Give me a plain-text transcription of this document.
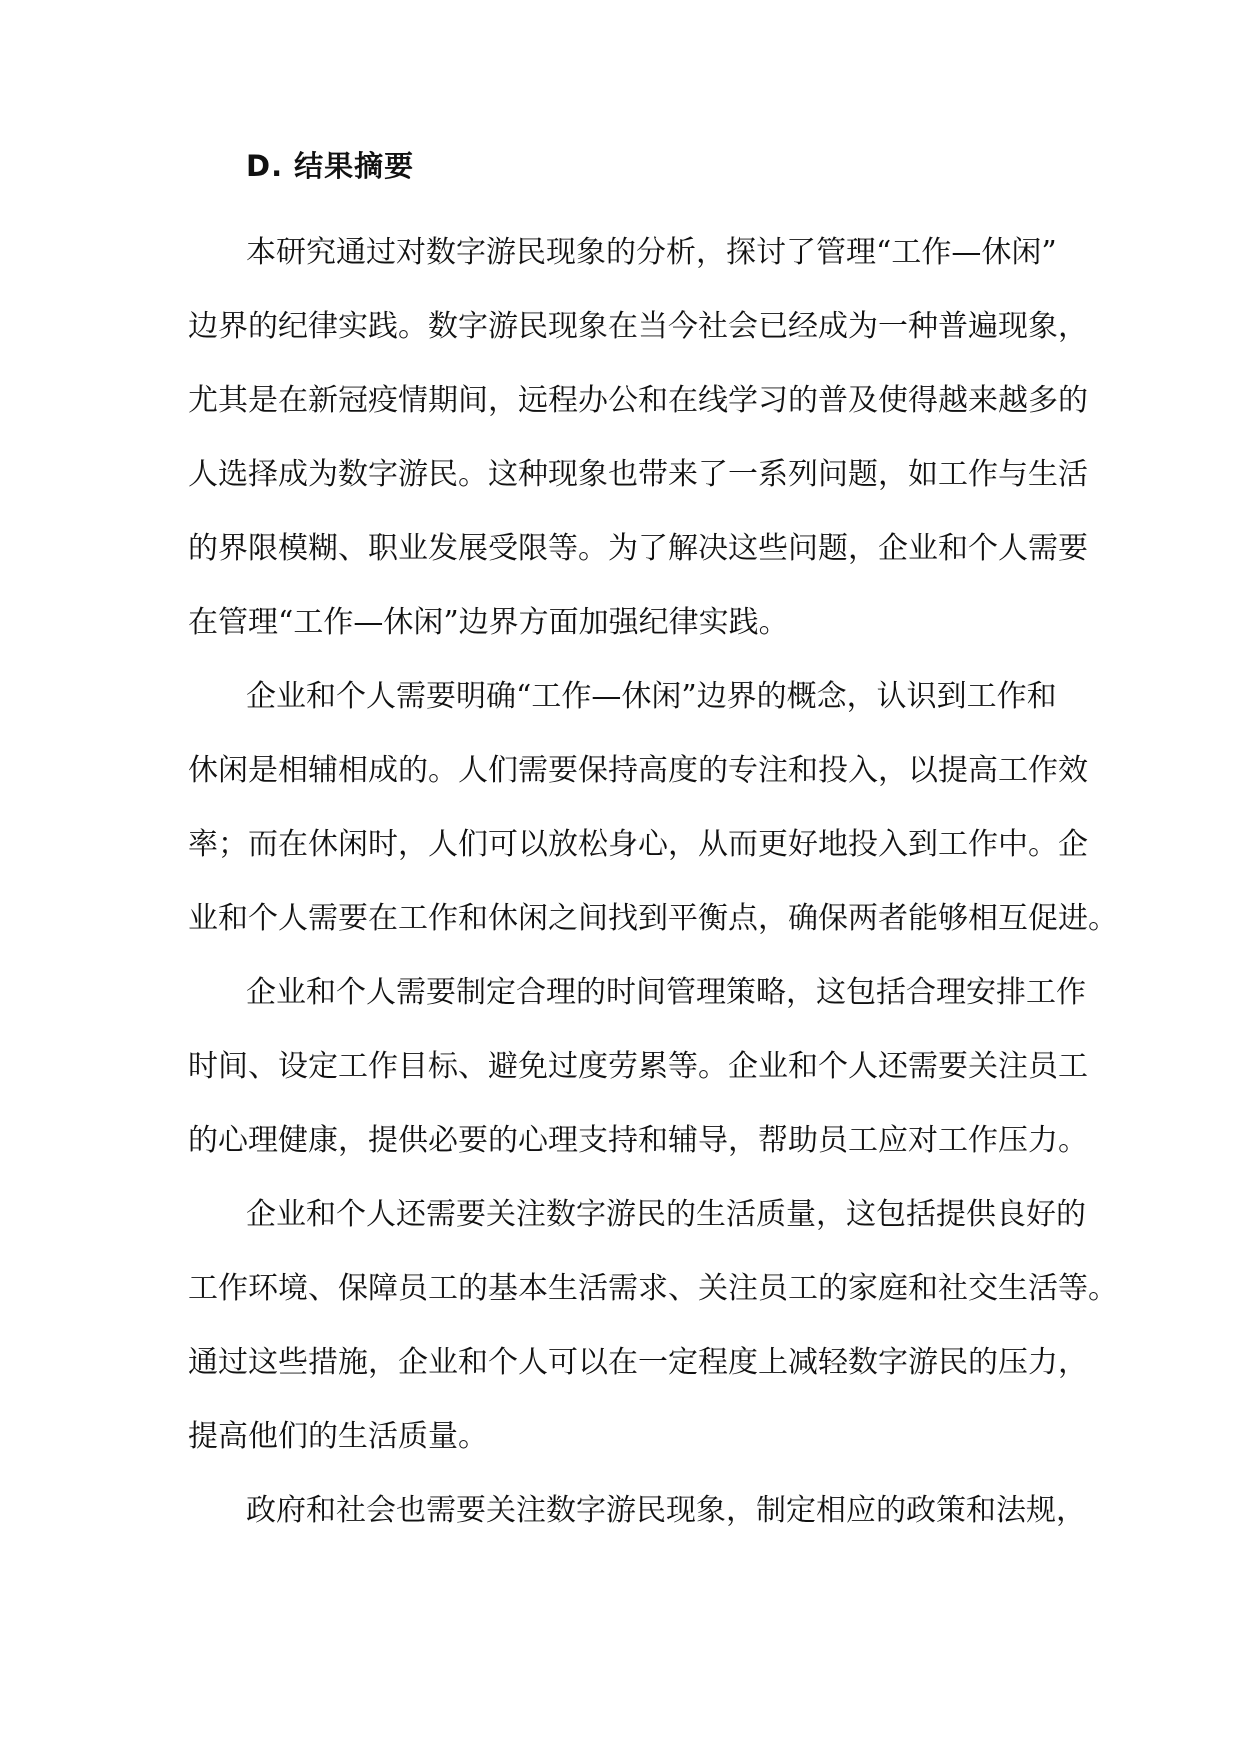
D. 结果摘要

本研究通过对数字游民现象的分析，探讨了管理“工作—休闲”
边界的纪律实践。数字游民现象在当今社会已经成为一种普遍现象，
尤其是在新冠疫情期间，远程办公和在线学习的普及使得越来越多的
人选择成为数字游民。这种现象也带来了一系列问题，如工作与生活
的界限模糊、职业发展受限等。为了解决这些问题，企业和个人需要
在管理“工作—休闲”边界方面加强纪律实践。

企业和个人需要明确“工作—休闲”边界的概念，认识到工作和
休闲是相辅相成的。人们需要保持高度的专注和投入，以提高工作效
率；而在休闲时，人们可以放松身心，从而更好地投入到工作中。企
业和个人需要在工作和休闲之间找到平衡点，确保两者能够相互促进。

企业和个人需要制定合理的时间管理策略，这包括合理安排工作
时间、设定工作目标、避免过度劳累等。企业和个人还需要关注员工
的心理健康，提供必要的心理支持和辅导，帮助员工应对工作压力。

企业和个人还需要关注数字游民的生活质量，这包括提供良好的
工作环境、保障员工的基本生活需求、关注员工的家庭和社交生活等。
通过这些措施，企业和个人可以在一定程度上减轻数字游民的压力，
提高他们的生活质量。

政府和社会也需要关注数字游民现象，制定相应的政策和法规，
